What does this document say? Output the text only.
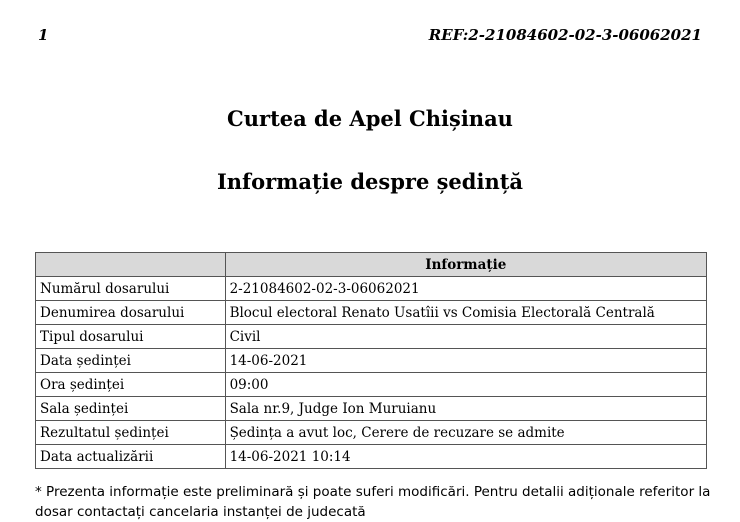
1	REF:2-21084602-02-3-06062021
Curtea de Apel Chișinau
Informație despre ședință
	Informație
Numărul dosarului	2-21084602-02-3-06062021
Denumirea dosarului	Blocul electoral Renato Usatîii vs Comisia Electorală Centrală
Tipul dosarului	Civil
Data ședinței	14-06-2021
Ora ședinței	09:00
Sala ședinței	Sala nr.9, Judge Ion Muruianu
Rezultatul ședinței	Ședința a avut loc, Cerere de recuzare se admite
Data actualizării	14-06-2021 10:14
* Prezenta informație este preliminară și poate suferi modificări. Pentru detalii adiționale referitor la
dosar contactați cancelaria instanței de judecată
